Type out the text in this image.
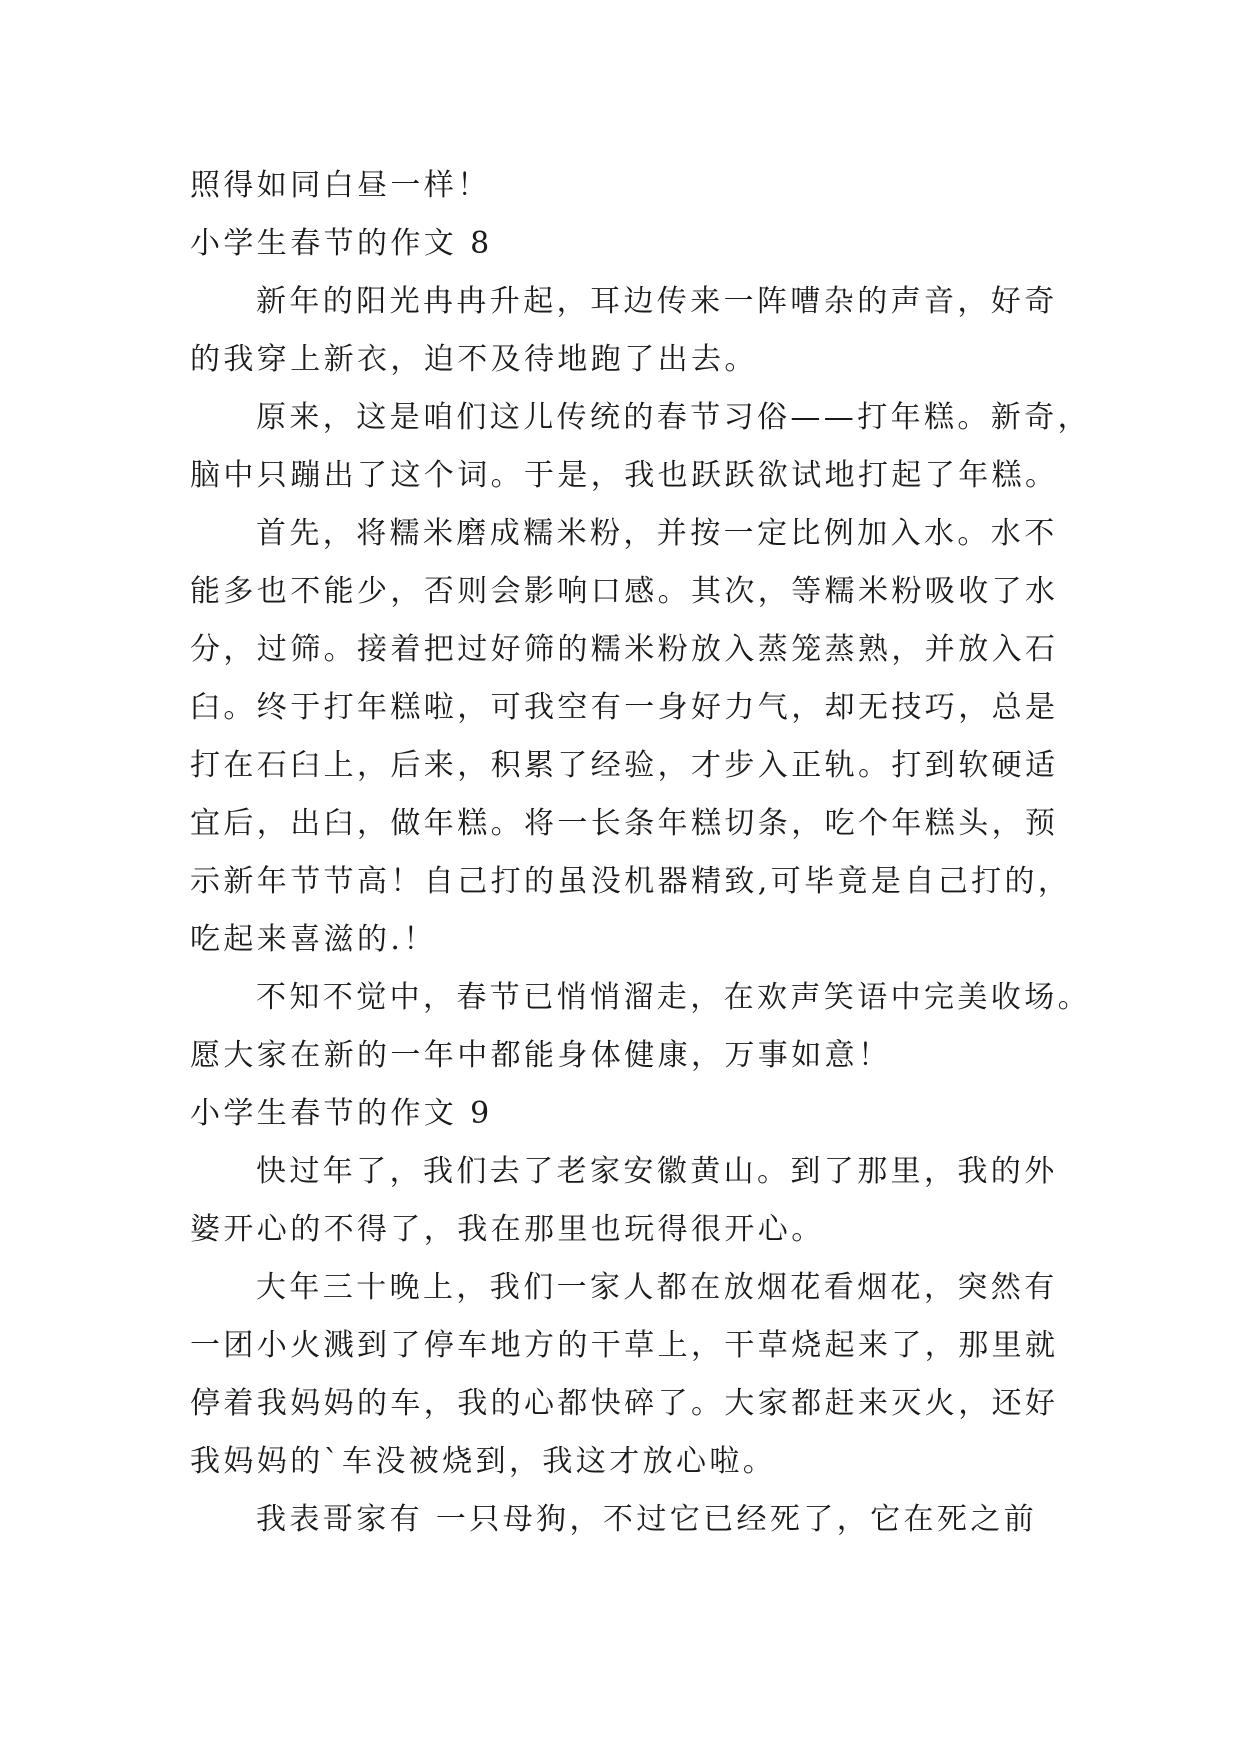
照得如同白昼一样！
小学生春节的作文 8
新年的阳光冉冉升起，耳边传来一阵嘈杂的声音，好奇
的我穿上新衣，迫不及待地跑了出去。
原来，这是咱们这儿传统的春节习俗——打年糕。新奇，
脑中只蹦出了这个词。于是，我也跃跃欲试地打起了年糕。
首先，将糯米磨成糯米粉，并按一定比例加入水。水不
能多也不能少，否则会影响口感。其次，等糯米粉吸收了水
分，过筛。接着把过好筛的糯米粉放入蒸笼蒸熟，并放入石
臼。终于打年糕啦，可我空有一身好力气，却无技巧，总是
打在石臼上，后来，积累了经验，才步入正轨。打到软硬适
宜后，出臼，做年糕。将一长条年糕切条，吃个年糕头，预
示新年节节高！自己打的虽没机器精致,可毕竟是自己打的，
吃起来喜滋的.！
不知不觉中，春节已悄悄溜走，在欢声笑语中完美收场。
愿大家在新的一年中都能身体健康，万事如意！
小学生春节的作文 9
快过年了，我们去了老家安徽黄山。到了那里，我的外
婆开心的不得了，我在那里也玩得很开心。
大年三十晚上，我们一家人都在放烟花看烟花，突然有
一团小火溅到了停车地方的干草上，干草烧起来了，那里就
停着我妈妈的车，我的心都快碎了。大家都赶来灭火，还好
我妈妈的`车没被烧到，我这才放心啦。
我表哥家有 一只母狗，不过它已经死了，它在死之前
